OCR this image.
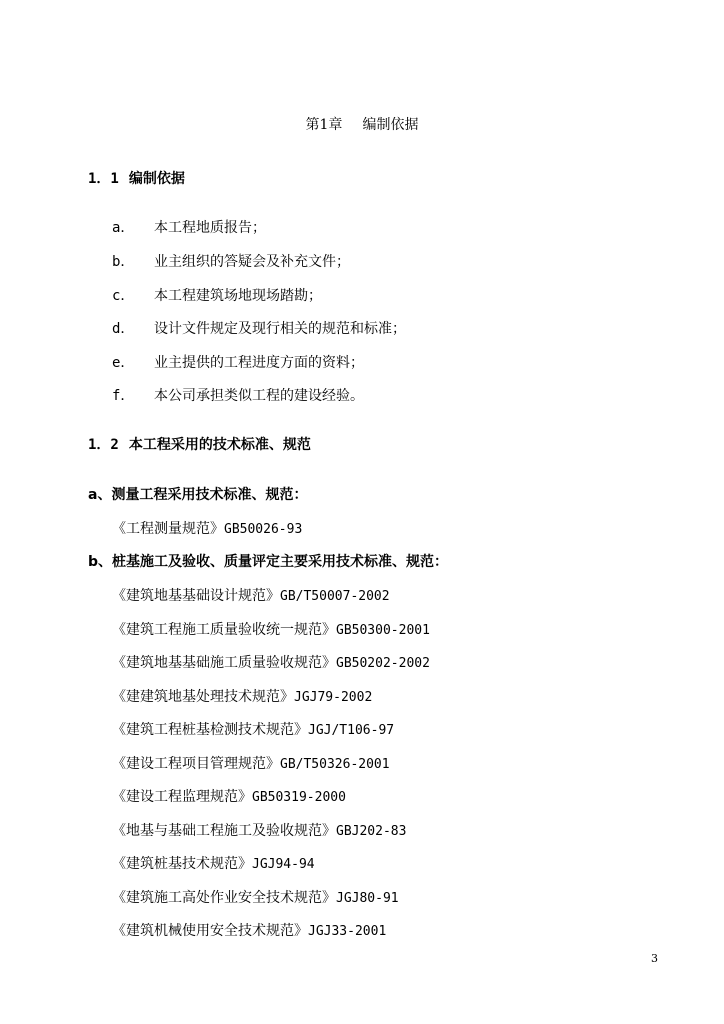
第1章 编制依据
1．1 编制依据
a． 本工程地质报告；
b． 业主组织的答疑会及补充文件；
c． 本工程建筑场地现场踏勘；
d． 设计文件规定及现行相关的规范和标准；
e． 业主提供的工程进度方面的资料；
f． 本公司承担类似工程的建设经验。
1．2 本工程采用的技术标准、规范
a、测量工程采用技术标准、规范：
《工程测量规范》GB50026-93
b、桩基施工及验收、质量评定主要采用技术标准、规范：
《建筑地基基础设计规范》GB/T50007-2002
《建筑工程施工质量验收统一规范》GB50300-2001
《建筑地基基础施工质量验收规范》GB50202-2002
《建建筑地基处理技术规范》JGJ79-2002
《建筑工程桩基检测技术规范》JGJ/T106-97
《建设工程项目管理规范》GB/T50326-2001
《建设工程监理规范》GB50319-2000
《地基与基础工程施工及验收规范》GBJ202-83
《建筑桩基技术规范》JGJ94-94
《建筑施工高处作业安全技术规范》JGJ80-91
《建筑机械使用安全技术规范》JGJ33-2001
3
